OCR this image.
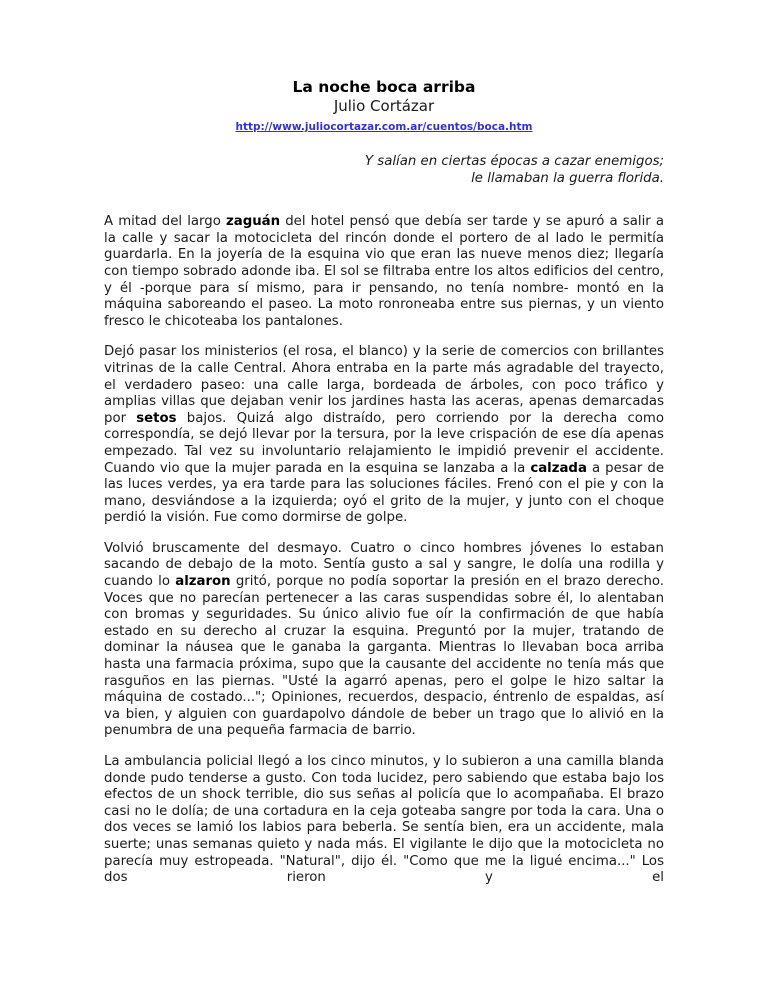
La noche boca arriba
Julio Cortázar
http://www.juliocortazar.com.ar/cuentos/boca.htm
Y salían en ciertas épocas a cazar enemigos;
le llamaban la guerra florida.

A mitad del largo zaguán del hotel pensó que debía ser tarde y se apuró a salir a la calle y sacar la motocicleta del rincón donde el portero de al lado le permitía guardarla. En la joyería de la esquina vio que eran las nueve menos diez; llegaría con tiempo sobrado adonde iba. El sol se filtraba entre los altos edificios del centro, y él -porque para sí mismo, para ir pensando, no tenía nombre- montó en la máquina saboreando el paseo. La moto ronroneaba entre sus piernas, y un viento fresco le chicoteaba los pantalones.

Dejó pasar los ministerios (el rosa, el blanco) y la serie de comercios con brillantes vitrinas de la calle Central. Ahora entraba en la parte más agradable del trayecto, el verdadero paseo: una calle larga, bordeada de árboles, con poco tráfico y amplias villas que dejaban venir los jardines hasta las aceras, apenas demarcadas por setos bajos. Quizá algo distraído, pero corriendo por la derecha como correspondía, se dejó llevar por la tersura, por la leve crispación de ese día apenas empezado. Tal vez su involuntario relajamiento le impidió prevenir el accidente. Cuando vio que la mujer parada en la esquina se lanzaba a la calzada a pesar de las luces verdes, ya era tarde para las soluciones fáciles. Frenó con el pie y con la mano, desviándose a la izquierda; oyó el grito de la mujer, y junto con el choque perdió la visión. Fue como dormirse de golpe.

Volvió bruscamente del desmayo. Cuatro o cinco hombres jóvenes lo estaban sacando de debajo de la moto. Sentía gusto a sal y sangre, le dolía una rodilla y cuando lo alzaron gritó, porque no podía soportar la presión en el brazo derecho. Voces que no parecían pertenecer a las caras suspendidas sobre él, lo alentaban con bromas y seguridades. Su único alivio fue oír la confirmación de que había estado en su derecho al cruzar la esquina. Preguntó por la mujer, tratando de dominar la náusea que le ganaba la garganta. Mientras lo llevaban boca arriba hasta una farmacia próxima, supo que la causante del accidente no tenía más que rasguños en las piernas. "Usté la agarró apenas, pero el golpe le hizo saltar la máquina de costado..."; Opiniones, recuerdos, despacio, éntrenlo de espaldas, así va bien, y alguien con guardapolvo dándole de beber un trago que lo alivió en la penumbra de una pequeña farmacia de barrio.

La ambulancia policial llegó a los cinco minutos, y lo subieron a una camilla blanda donde pudo tenderse a gusto. Con toda lucidez, pero sabiendo que estaba bajo los efectos de un shock terrible, dio sus señas al policía que lo acompañaba. El brazo casi no le dolía; de una cortadura en la ceja goteaba sangre por toda la cara. Una o dos veces se lamió los labios para beberla. Se sentía bien, era un accidente, mala suerte; unas semanas quieto y nada más. El vigilante le dijo que la motocicleta no parecía muy estropeada. "Natural", dijo él. "Como que me la ligué encima..." Los dos rieron y el
